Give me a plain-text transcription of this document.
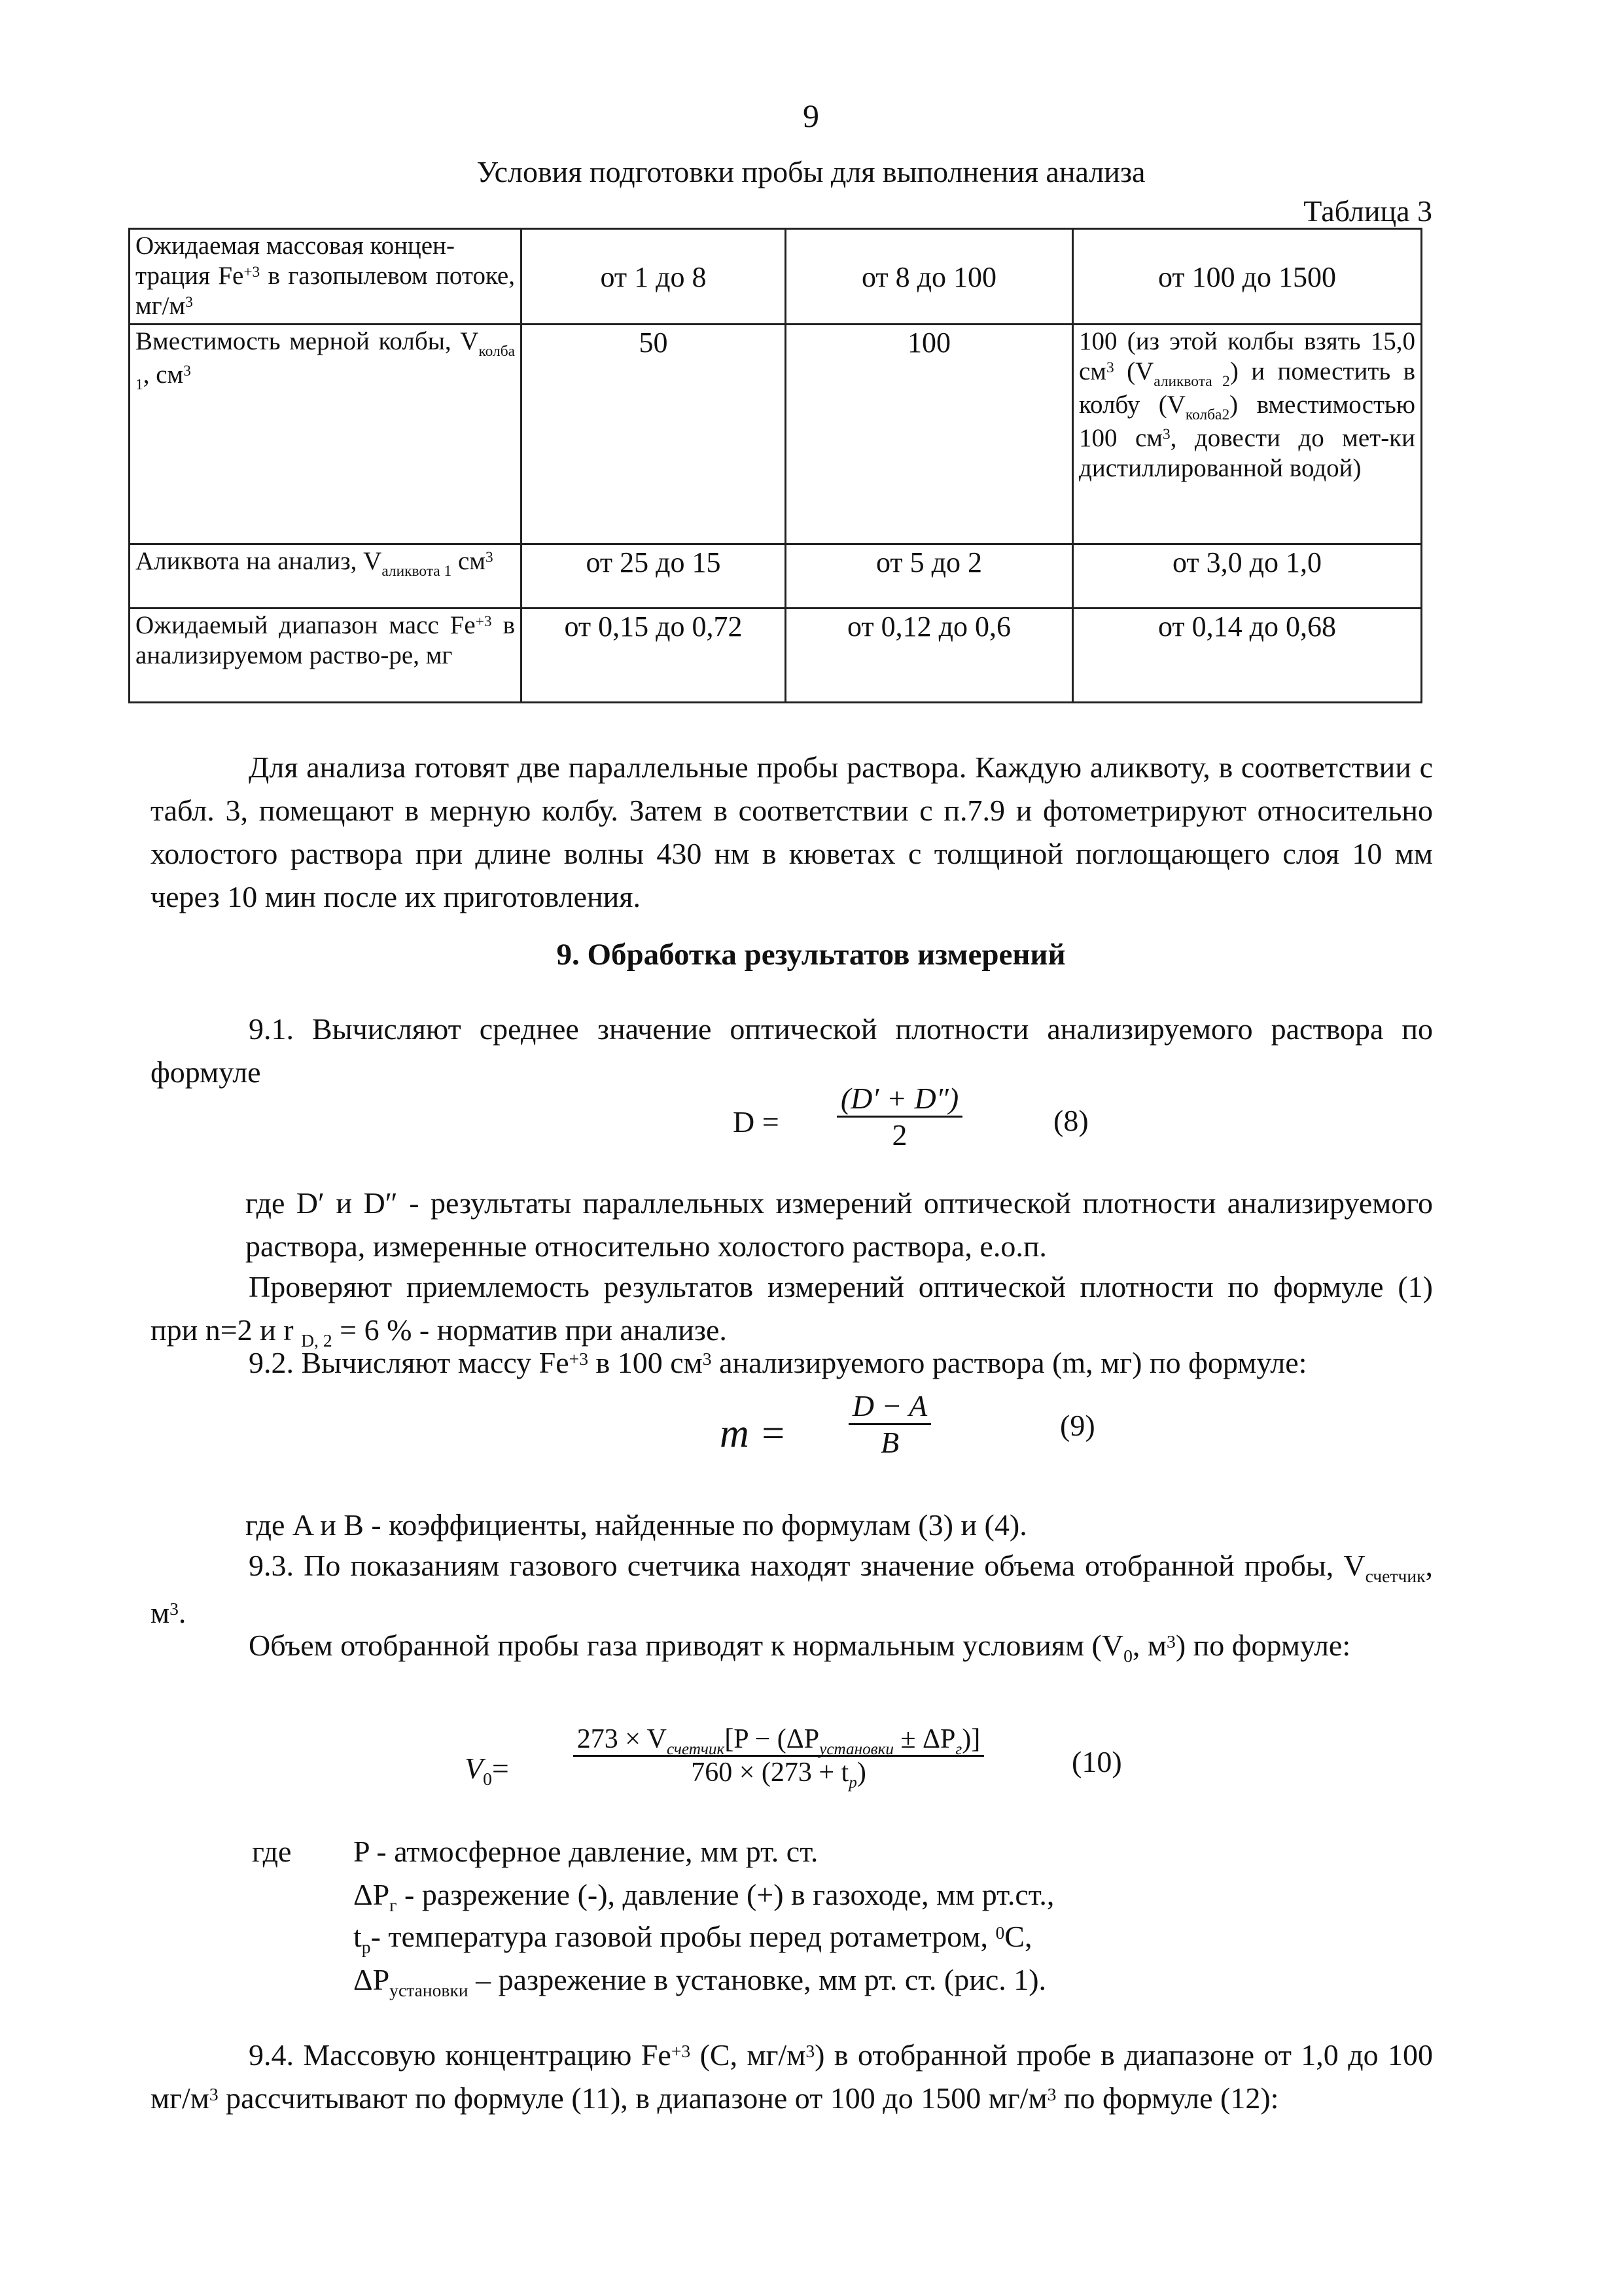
9
Условия подготовки пробы для выполнения анализа
Таблица 3
Ожидаемая массовая концен-
трация $Fe^{+3}$ в газопылевом потоке, $мг/м^3$	от 1 до 8	от 8 до 100	от 100 до 1500
Вместимость мерной колбы, $V_{колба 1}$, $см^3$	50	100	100 (из этой колбы взять 15,0 $см^3$ $(V_{аликвота 2})$ и поместить в колбу $(V_{колба2})$ вместимостью 100 $см^3$, довести до мет-ки дистиллированной водой)
Аликвота на анализ, $V_{аликвота 1}$ $см^3$	от 25 до 15	от 5 до 2	от 3,0 до 1,0
Ожидаемый диапазон масс $Fe^{+3}$ в анализируемом раство-ре, мг	от 0,15 до 0,72	от 0,12 до 0,6	от 0,14 до 0,68
Для анализа готовят две параллельные пробы раствора. Каждую аликвоту, в соответствии с табл. 3, помещают в мерную колбу. Затем в соответствии с п.7.9 и фотометрируют относительно холостого раствора при длине волны 430 нм в кюветах с толщиной поглощающего слоя 10 мм через 10 мин после их приготовления.
9. Обработка результатов измерений
9.1. Вычисляют среднее значение оптической плотности анализируемого раствора по формуле
$D = \frac{(D' + D'')}{2} (8)$
где D′ и D″ - результаты параллельных измерений оптической плотности анализируемого раствора, измеренные относительно холостого раствора, е.о.п.
Проверяют приемлемость результатов измерений оптической плотности по формуле (1) при n=2 и r $_{D, 2}$ = 6 % - норматив при анализе.
9.2. Вычисляют массу $Fe^{+3}$ в 100 $см^3$ анализируемого раствора (m, мг) по формуле:
$m = \frac{D - A}{B}$	(9)
где A и B - коэффициенты, найденные по формулам (3) и (4).
9.3. По показаниям газового счетчика находят значение объема отобранной пробы, $V_{счетчик}$, $м^3$.
Объем отобранной пробы газа приводят к нормальным условиям ($V_0$, $м^3$) по формуле:
$V_0=$
$273 \times V_{счетчик}[P - (\Delta P_{установки} \pm \Delta P_г)]$
$760 \times (273 + t_р)$	(10)
где P - атмосферное давление, мм рт. ст.
$\Delta P_г$ - разрежение (-), давление (+) в газоходе, мм рт.ст.,
$t_р-$ температура газовой пробы перед ротаметром, $^0$С,
$\Delta P_{установки}$ – разрежение в установке, мм рт. ст. (рис. 1).
9.4. Массовую концентрацию $Fe^{+3}$ (С, $мг/м^3$) в отобранной пробе в диапазоне от 1,0 до 100 $мг/м^3$ рассчитывают по формуле (11), в диапазоне от 100 до 1500 $мг/м^3$ по формуле (12):
